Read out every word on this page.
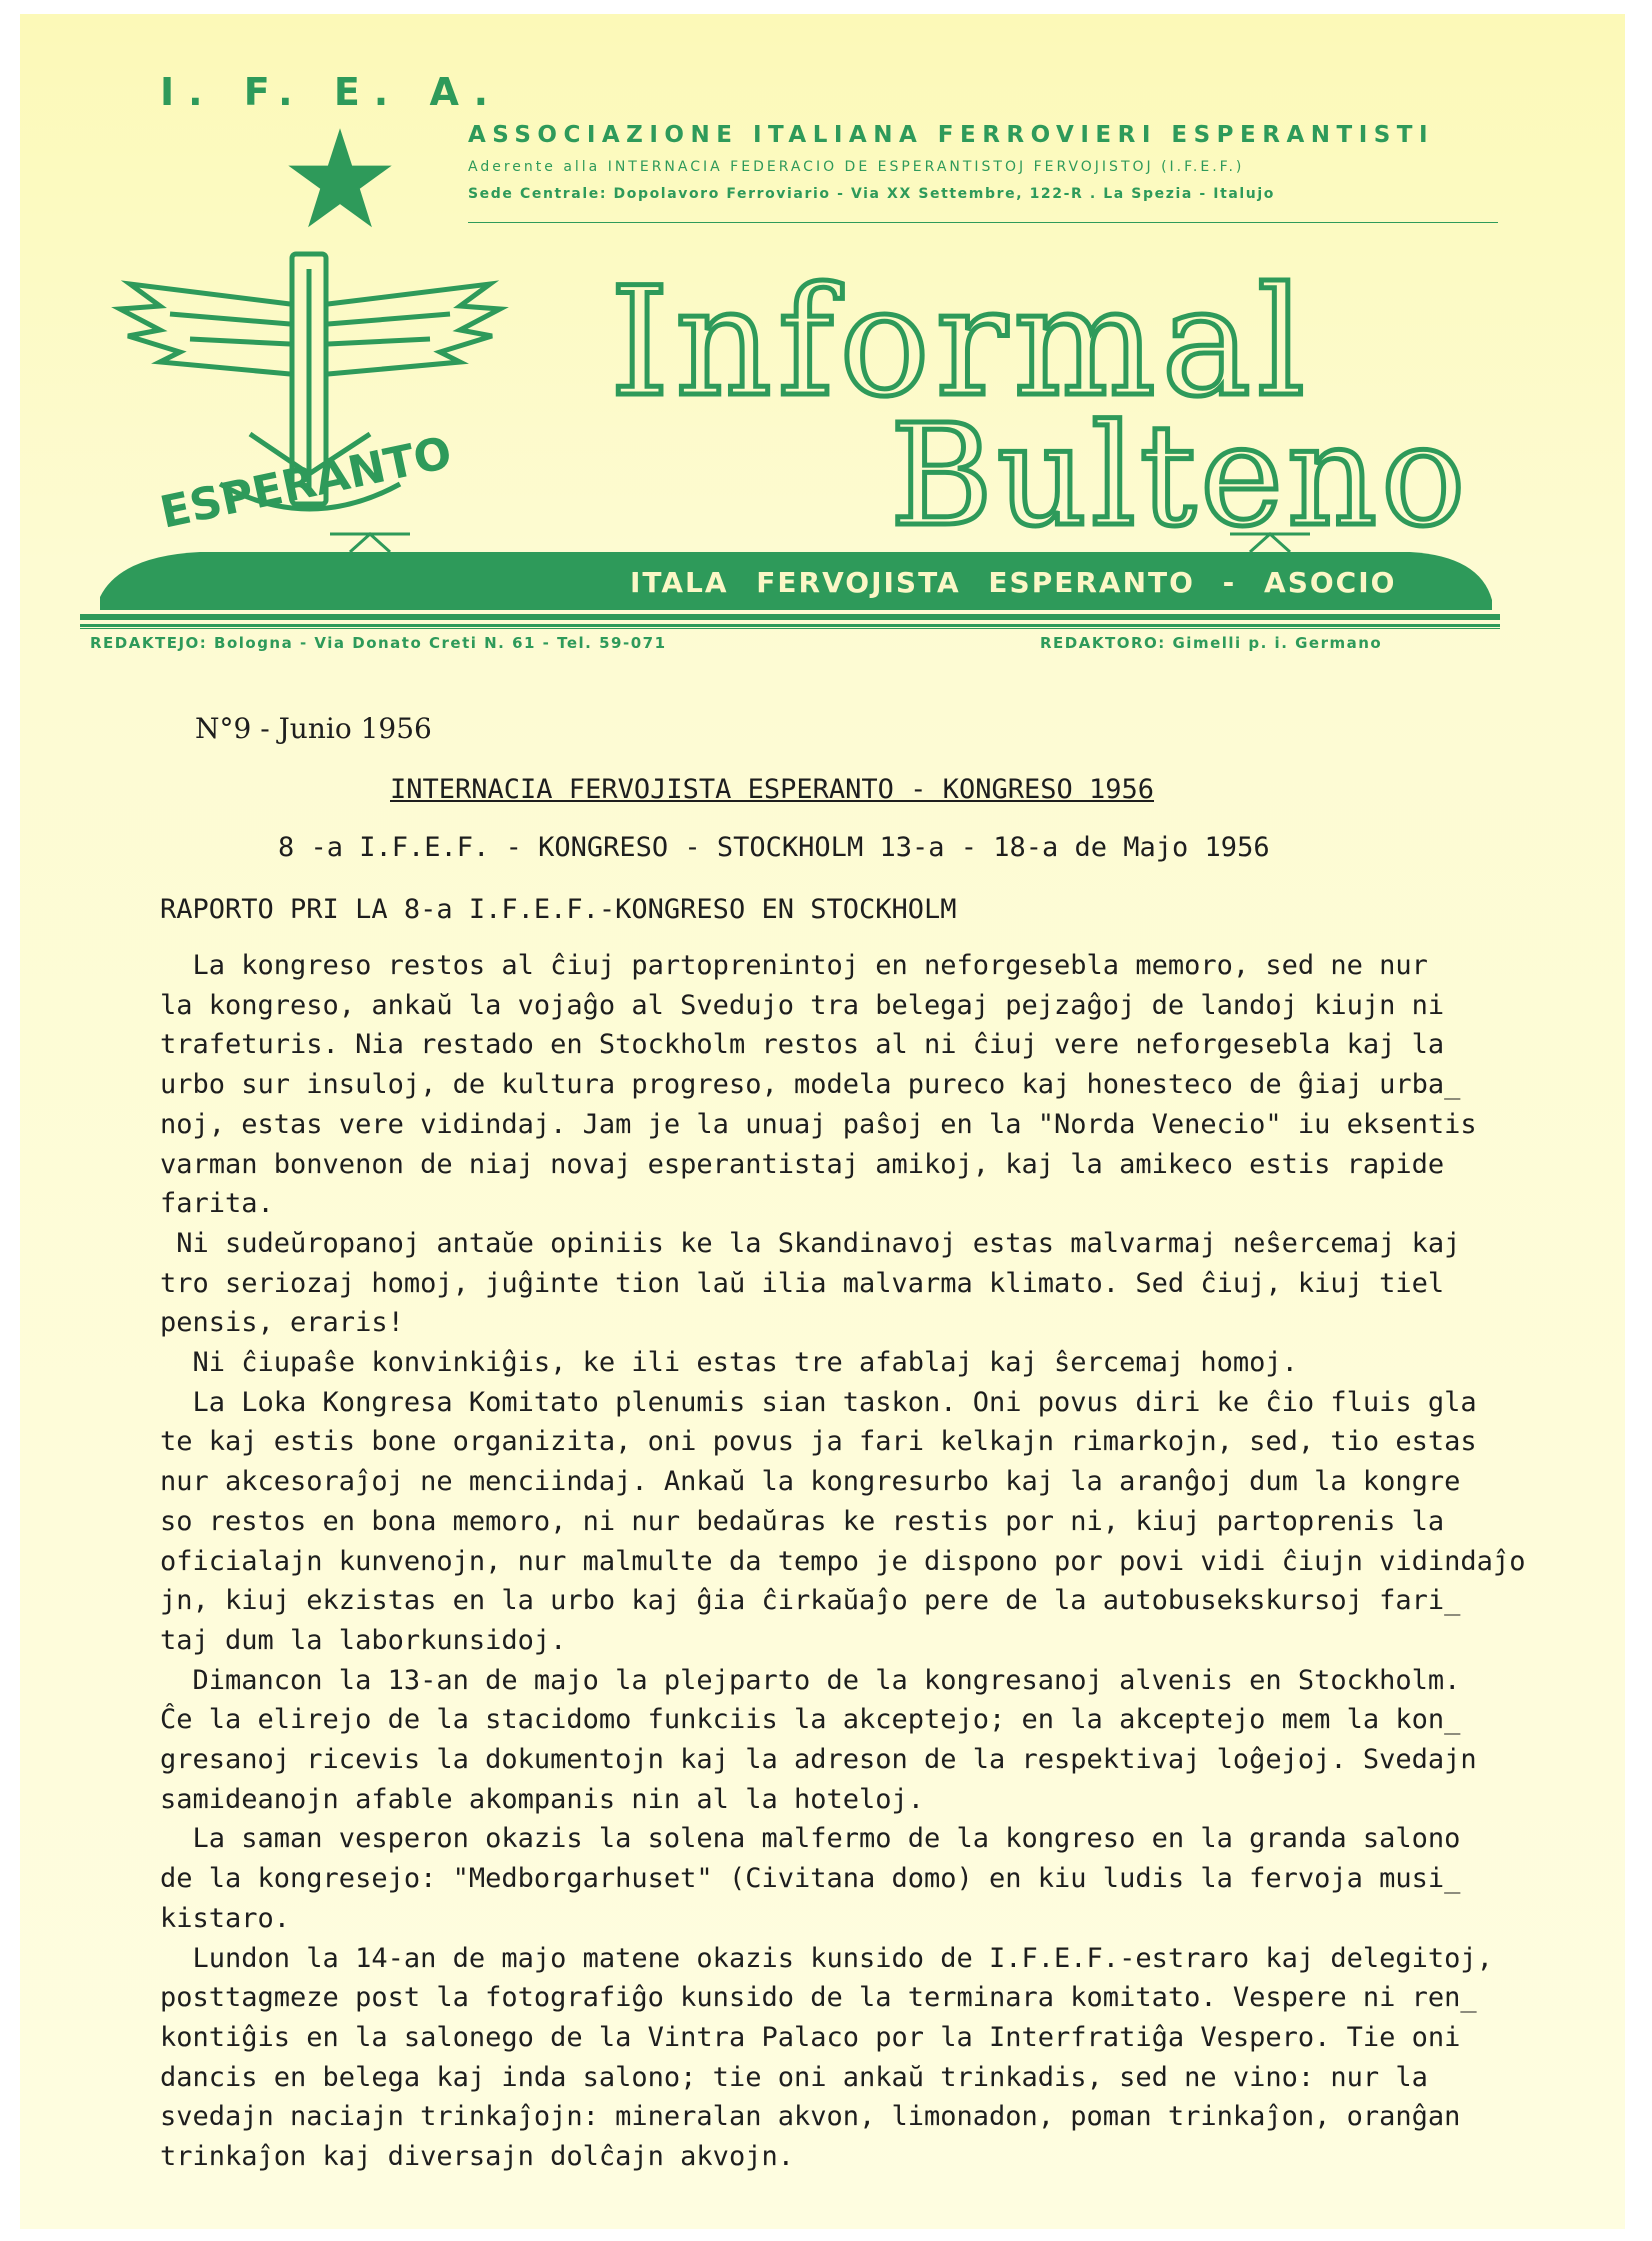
I. F. E. A.
ASSOCIAZIONE ITALIANA FERROVIERI ESPERANTISTI
Aderente alla INTERNACIA FEDERACIO DE ESPERANTISTOJ FERVOJISTOJ (I.F.E.F.)
Sede Centrale: Dopolavoro Ferroviario - Via XX Settembre, 122-R . La Spezia - Italujo
ESPERANTO
Informal
Bulteno
ITALA FERVOJISTA ESPERANTO - ASOCIO
REDAKTEJO: Bologna - Via Donato Creti N. 61 - Tel. 59-071	REDAKTORO: Gimelli p. i. Germano
N°9 - Junio 1956
INTERNACIA FERVOJISTA ESPERANTO - KONGRESO 1956
8 -a I.F.E.F. - KONGRESO - STOCKHOLM 13-a - 18-a de Majo 1956
RAPORTO PRI LA 8-a I.F.E.F.-KONGRESO EN STOCKHOLM
La kongreso restos al ĉiuj partoprenintoj en neforgesebla memoro, sed ne nur
la kongreso, ankaŭ la vojaĝo al Svedujo tra belegaj pejzaĝoj de landoj kiujn ni
trafeturis. Nia restado en Stockholm restos al ni ĉiuj vere neforgesebla kaj la
urbo sur insuloj, de kultura progreso, modela pureco kaj honesteco de ĝiaj urba_
noj, estas vere vidindaj. Jam je la unuaj paŝoj en la "Norda Venecio" iu eksentis
varman bonvenon de niaj novaj esperantistaj amikoj, kaj la amikeco estis rapide
farita.
Ni sudeŭropanoj antaŭe opiniis ke la Skandinavoj estas malvarmaj neŝercemaj kaj
tro seriozaj homoj, juĝinte tion laŭ ilia malvarma klimato. Sed ĉiuj, kiuj tiel
pensis, eraris!
Ni ĉiupaŝe konvinkiĝis, ke ili estas tre afablaj kaj ŝercemaj homoj.
La Loka Kongresa Komitato plenumis sian taskon. Oni povus diri ke ĉio fluis gla
te kaj estis bone organizita, oni povus ja fari kelkajn rimarkojn, sed, tio estas
nur akcesoraĵoj ne menciindaj. Ankaŭ la kongresurbo kaj la aranĝoj dum la kongre
so restos en bona memoro, ni nur bedaŭras ke restis por ni, kiuj partoprenis la
oficialajn kunvenojn, nur malmulte da tempo je dispono por povi vidi ĉiujn vidindaĵo
jn, kiuj ekzistas en la urbo kaj ĝia ĉirkaŭaĵo pere de la autobusekskursoj fari_
taj dum la laborkunsidoj.
Dimancon la 13-an de majo la plejparto de la kongresanoj alvenis en Stockholm.
Ĉe la elirejo de la stacidomo funkciis la akceptejo; en la akceptejo mem la kon_
gresanoj ricevis la dokumentojn kaj la adreson de la respektivaj loĝejoj. Svedajn
samideanojn afable akompanis nin al la hoteloj.
La saman vesperon okazis la solena malfermo de la kongreso en la granda salono
de la kongresejo: "Medborgarhuset" (Civitana domo) en kiu ludis la fervoja musi_
kistaro.
Lundon la 14-an de majo matene okazis kunsido de I.F.E.F.-estraro kaj delegitoj,
posttagmeze post la fotografiĝo kunsido de la terminara komitato. Vespere ni ren_
kontiĝis en la salonego de la Vintra Palaco por la Interfratiĝa Vespero. Tie oni
dancis en belega kaj inda salono; tie oni ankaŭ trinkadis, sed ne vino: nur la
svedajn naciajn trinkaĵojn: mineralan akvon, limonadon, poman trinkaĵon, oranĝan
trinkaĵon kaj diversajn dolĉajn akvojn.
